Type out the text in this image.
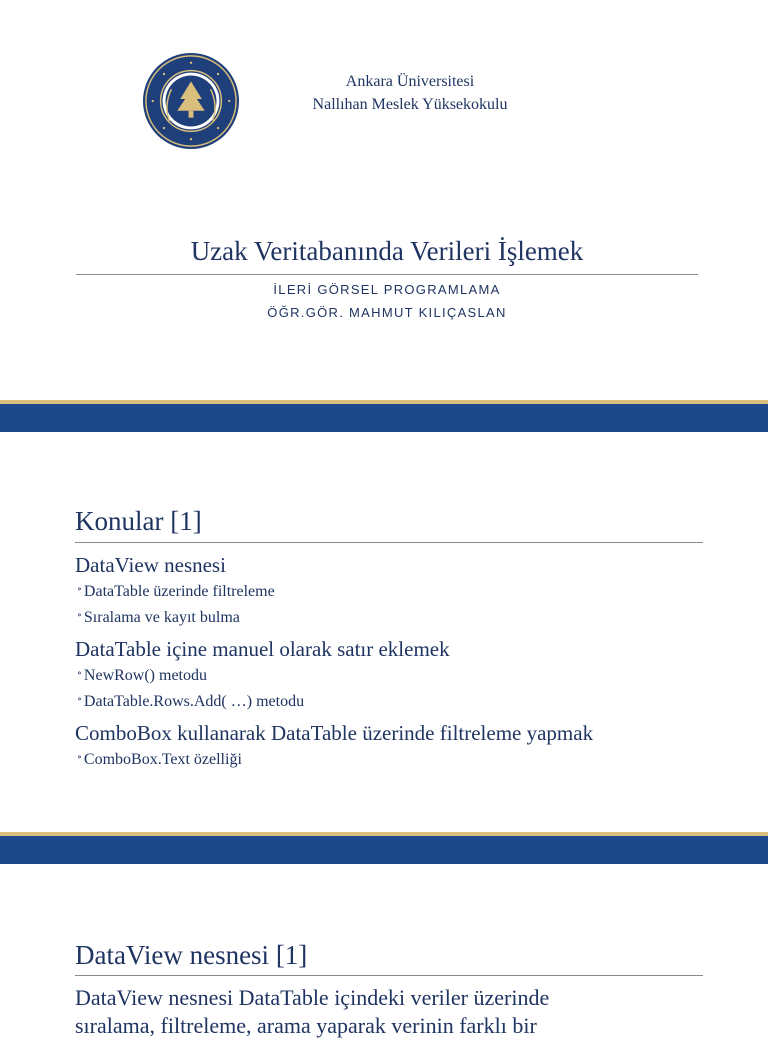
Ankara Üniversitesi
Nallıhan Meslek Yüksekokulu
Uzak Veritabanında Verileri İşlemek
İLERİ GÖRSEL PROGRAMLAMA
ÖĞR.GÖR. MAHMUT KILIÇASLAN
Konular [1]
DataView nesnesi
∘ DataTable üzerinde filtreleme
∘ Sıralama ve kayıt bulma
DataTable içine manuel olarak satır eklemek
∘ NewRow() metodu
∘ DataTable.Rows.Add( …) metodu
ComboBox kullanarak DataTable üzerinde filtreleme yapmak
∘ ComboBox.Text özelliği
DataView nesnesi [1]
DataView nesnesi DataTable içindeki veriler üzerinde
sıralama, filtreleme, arama yaparak verinin farklı bir
